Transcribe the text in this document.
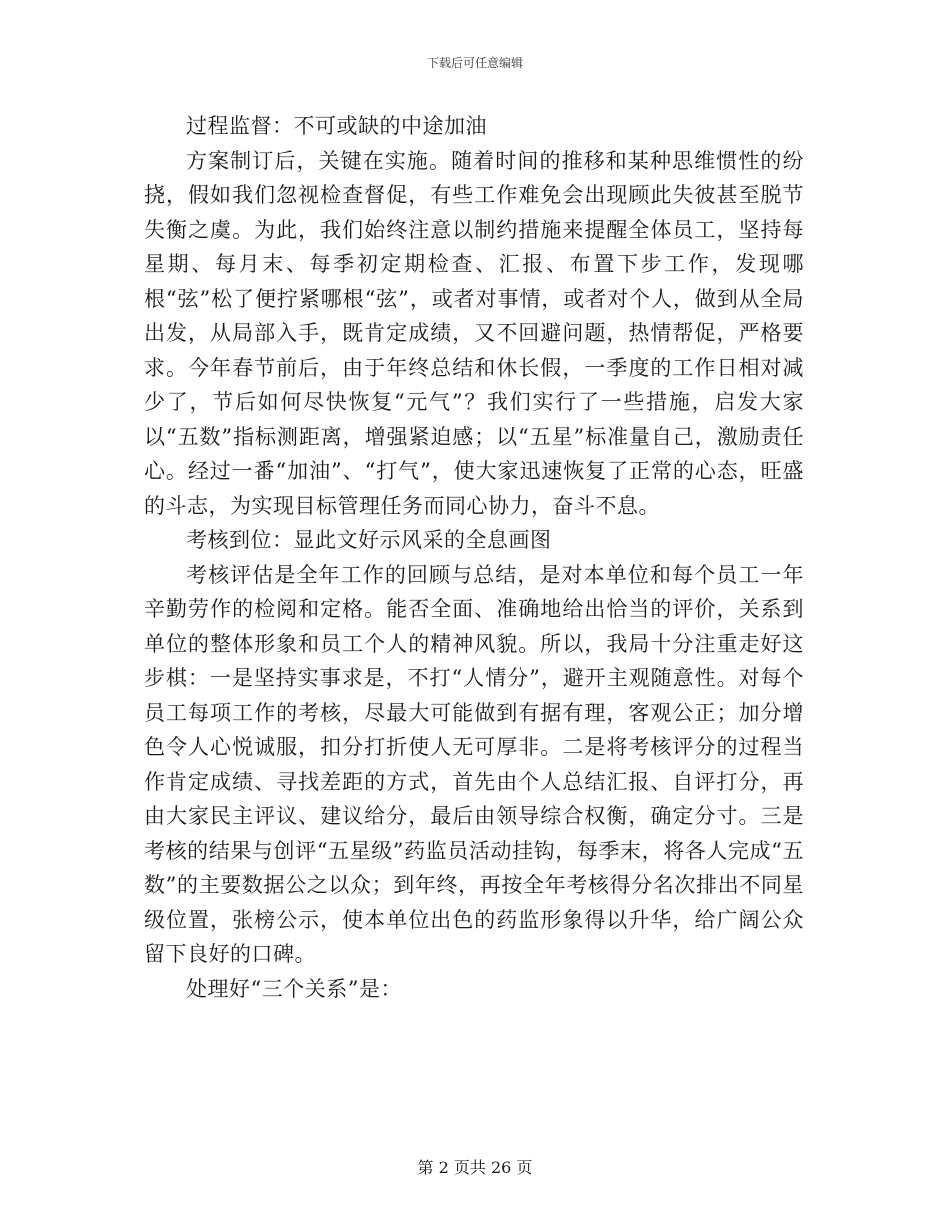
下载后可任意编辑

过程监督：不可或缺的中途加油

方案制订后，关键在实施。随着时间的推移和某种思维惯性的纷挠，假如我们忽视检查督促，有些工作难免会出现顾此失彼甚至脱节失衡之虞。为此，我们始终注意以制约措施来提醒全体员工，坚持每星期、每月末、每季初定期检查、汇报、布置下步工作，发现哪根“弦”松了便拧紧哪根“弦”，或者对事情，或者对个人，做到从全局出发，从局部入手，既肯定成绩，又不回避问题，热情帮促，严格要求。今年春节前后，由于年终总结和休长假，一季度的工作日相对减少了，节后如何尽快恢复“元气”？我们实行了一些措施，启发大家以“五数”指标测距离，增强紧迫感；以“五星”标准量自己，激励责任心。经过一番“加油”、“打气”，使大家迅速恢复了正常的心态，旺盛的斗志，为实现目标管理任务而同心协力，奋斗不息。

考核到位：显此文好示风采的全息画图

考核评估是全年工作的回顾与总结，是对本单位和每个员工一年辛勤劳作的检阅和定格。能否全面、准确地给出恰当的评价，关系到单位的整体形象和员工个人的精神风貌。所以，我局十分注重走好这步棋：一是坚持实事求是，不打“人情分”，避开主观随意性。对每个员工每项工作的考核，尽最大可能做到有据有理，客观公正；加分增色令人心悦诚服，扣分打折使人无可厚非。二是将考核评分的过程当作肯定成绩、寻找差距的方式，首先由个人总结汇报、自评打分，再由大家民主评议、建议给分，最后由领导综合权衡，确定分寸。三是考核的结果与创评“五星级”药监员活动挂钩，每季末，将各人完成“五数”的主要数据公之以众；到年终，再按全年考核得分名次排出不同星级位置，张榜公示，使本单位出色的药监形象得以升华，给广阔公众留下良好的口碑。

处理好“三个关系”是：

第 2 页共 26 页
